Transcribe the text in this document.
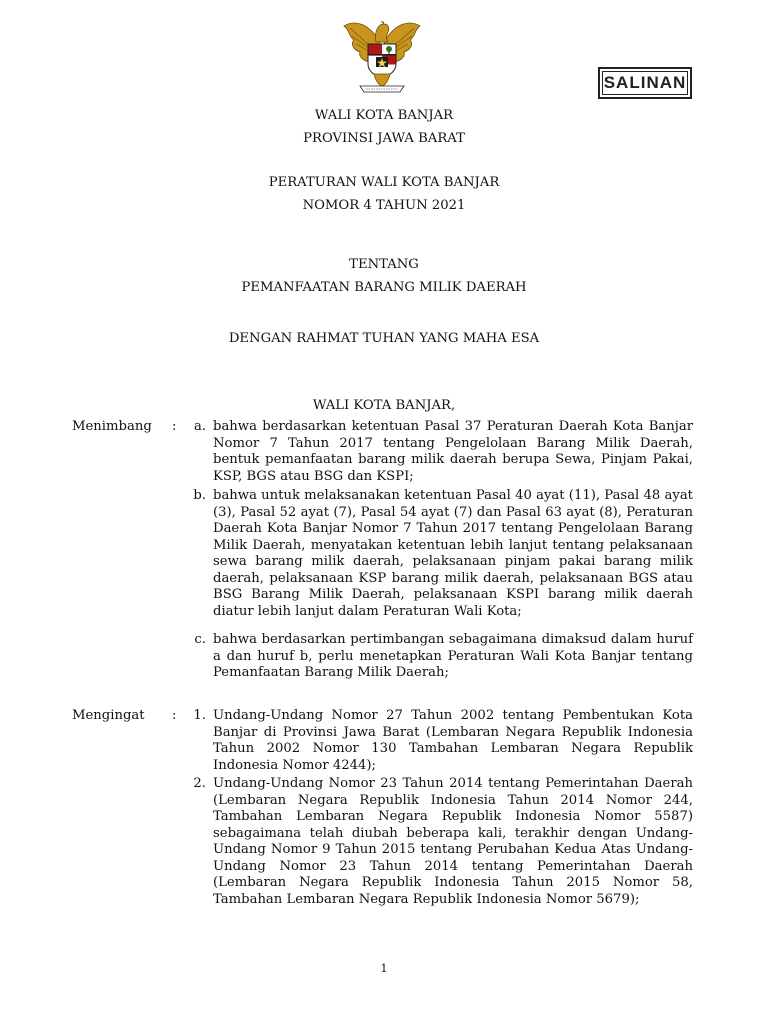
SALINAN
WALI KOTA BANJAR
PROVINSI JAWA BARAT
PERATURAN WALI KOTA BANJAR
NOMOR 4 TAHUN 2021
TENTANG
PEMANFAATAN BARANG MILIK DAERAH
DENGAN RAHMAT TUHAN YANG MAHA ESA
WALI KOTA BANJAR,
Menimbang :	a. bahwa berdasarkan ketentuan Pasal 37 Peraturan Daerah Kota Banjar Nomor 7 Tahun 2017 tentang Pengelolaan Barang Milik Daerah, bentuk pemanfaatan barang milik daerah berupa Sewa, Pinjam Pakai, KSP, BGS atau BSG dan KSPI;
b. bahwa untuk melaksanakan ketentuan Pasal 40 ayat (11), Pasal 48 ayat (3), Pasal 52 ayat (7), Pasal 54 ayat (7) dan Pasal 63 ayat (8), Peraturan Daerah Kota Banjar Nomor 7 Tahun 2017 tentang Pengelolaan Barang Milik Daerah, menyatakan ketentuan lebih lanjut tentang pelaksanaan sewa barang milik daerah, pelaksanaan pinjam pakai barang milik daerah, pelaksanaan KSP barang milik daerah, pelaksanaan BGS atau BSG Barang Milik Daerah, pelaksanaan KSPI barang milik daerah diatur lebih lanjut dalam Peraturan Wali Kota;
c. bahwa berdasarkan pertimbangan sebagaimana dimaksud dalam huruf a dan huruf b, perlu menetapkan Peraturan Wali Kota Banjar tentang Pemanfaatan Barang Milik Daerah;
Mengingat :	1. Undang-Undang Nomor 27 Tahun 2002 tentang Pembentukan Kota Banjar di Provinsi Jawa Barat (Lembaran Negara Republik Indonesia Tahun 2002 Nomor 130 Tambahan Lembaran Negara Republik Indonesia Nomor 4244);
2. Undang-Undang Nomor 23 Tahun 2014 tentang Pemerintahan Daerah (Lembaran Negara Republik Indonesia Tahun 2014 Nomor 244, Tambahan Lembaran Negara Republik Indonesia Nomor 5587) sebagaimana telah diubah beberapa kali, terakhir dengan Undang-Undang Nomor 9 Tahun 2015 tentang Perubahan Kedua Atas Undang-Undang Nomor 23 Tahun 2014 tentang Pemerintahan Daerah (Lembaran Negara Republik Indonesia Tahun 2015 Nomor 58, Tambahan Lembaran Negara Republik Indonesia Nomor 5679);
1
